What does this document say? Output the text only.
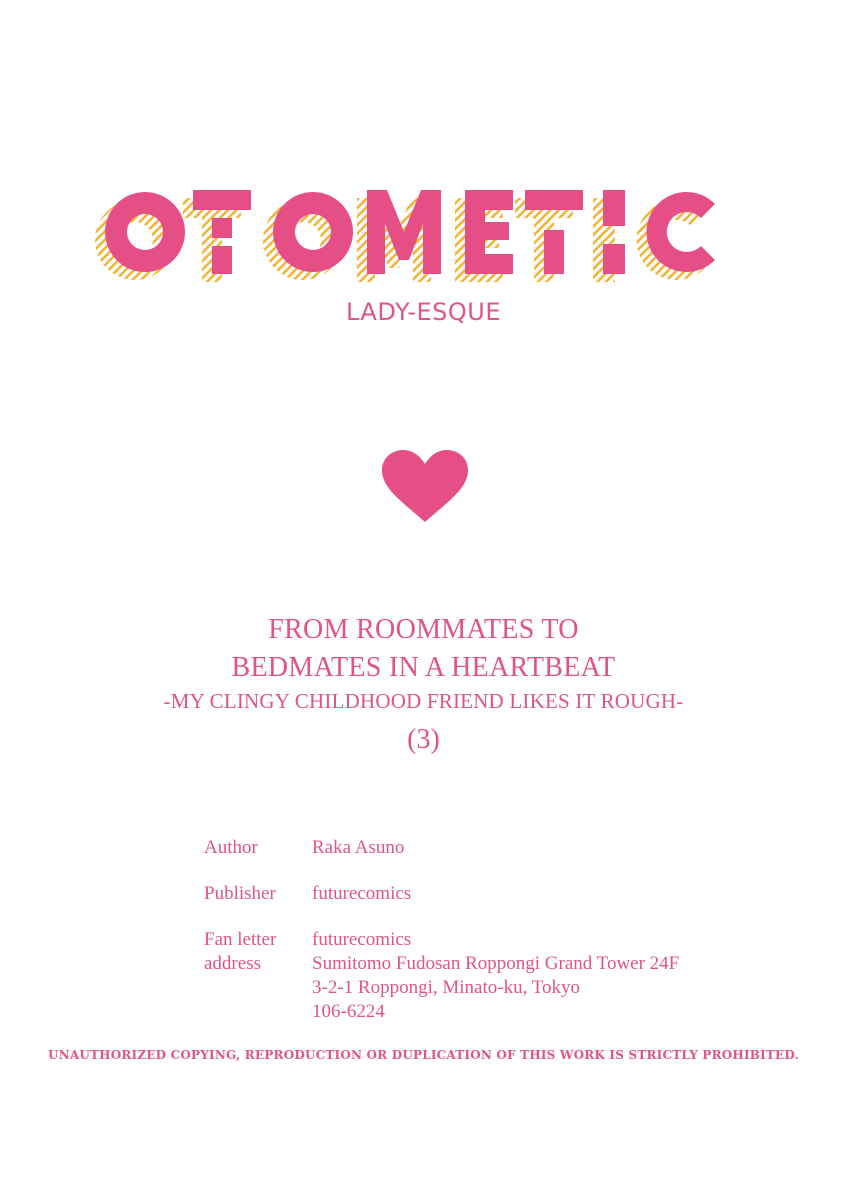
LADY-ESQUE
FROM ROOMMATES TO
BEDMATES IN A HEARTBEAT
-MY CLINGY CHILDHOOD FRIEND LIKES IT ROUGH-
(3)
Author	Raka Asuno
Publisher	futurecomics
Fan letter
address
futurecomics
Sumitomo Fudosan Roppongi Grand Tower 24F
3-2-1 Roppongi, Minato-ku, Tokyo
106-6224
UNAUTHORIZED COPYING, REPRODUCTION OR DUPLICATION OF THIS WORK IS STRICTLY PROHIBITED.
